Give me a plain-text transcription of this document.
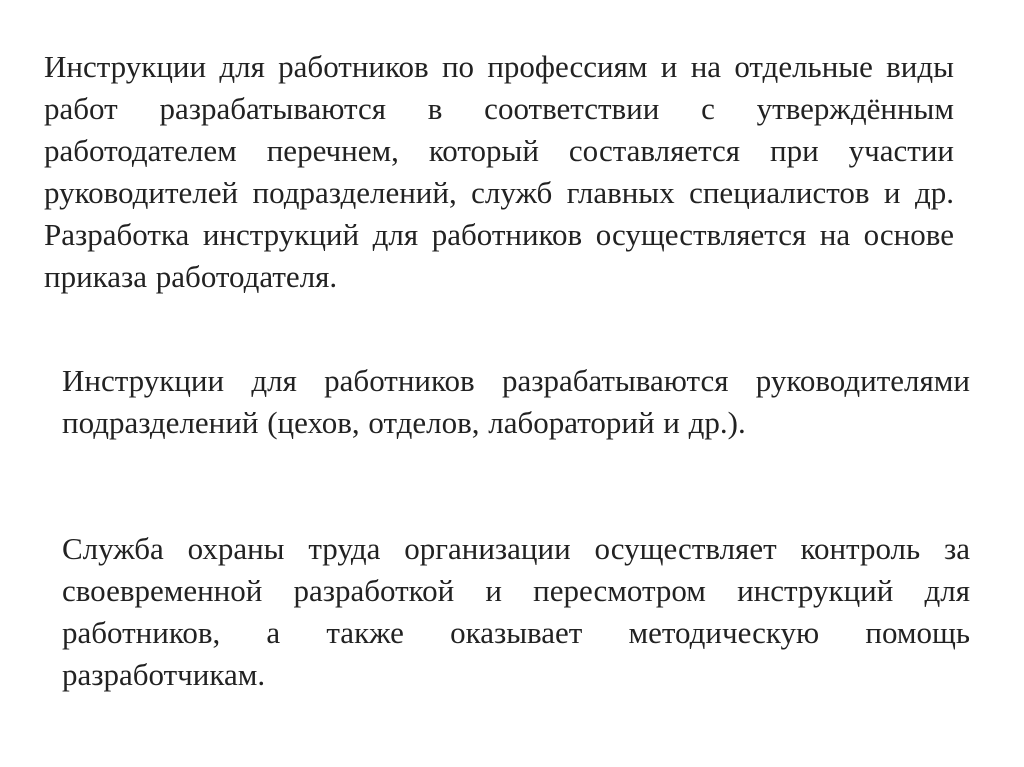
Инструкции для работников по профессиям и на отдельные виды работ разрабатываются в соответствии с утверждённым работодателем перечнем, который составляется при участии руководителей подразделений, служб главных специалистов и др. Разработка инструкций для работников осуществляется на основе приказа работодателя.

Инструкции для работников разрабатываются руководителями подразделений (цехов, отделов, лабораторий и др.).

Служба охраны труда организации осуществляет контроль за своевременной разработкой и пересмотром инструкций для работников, а также оказывает методическую помощь разработчикам.
